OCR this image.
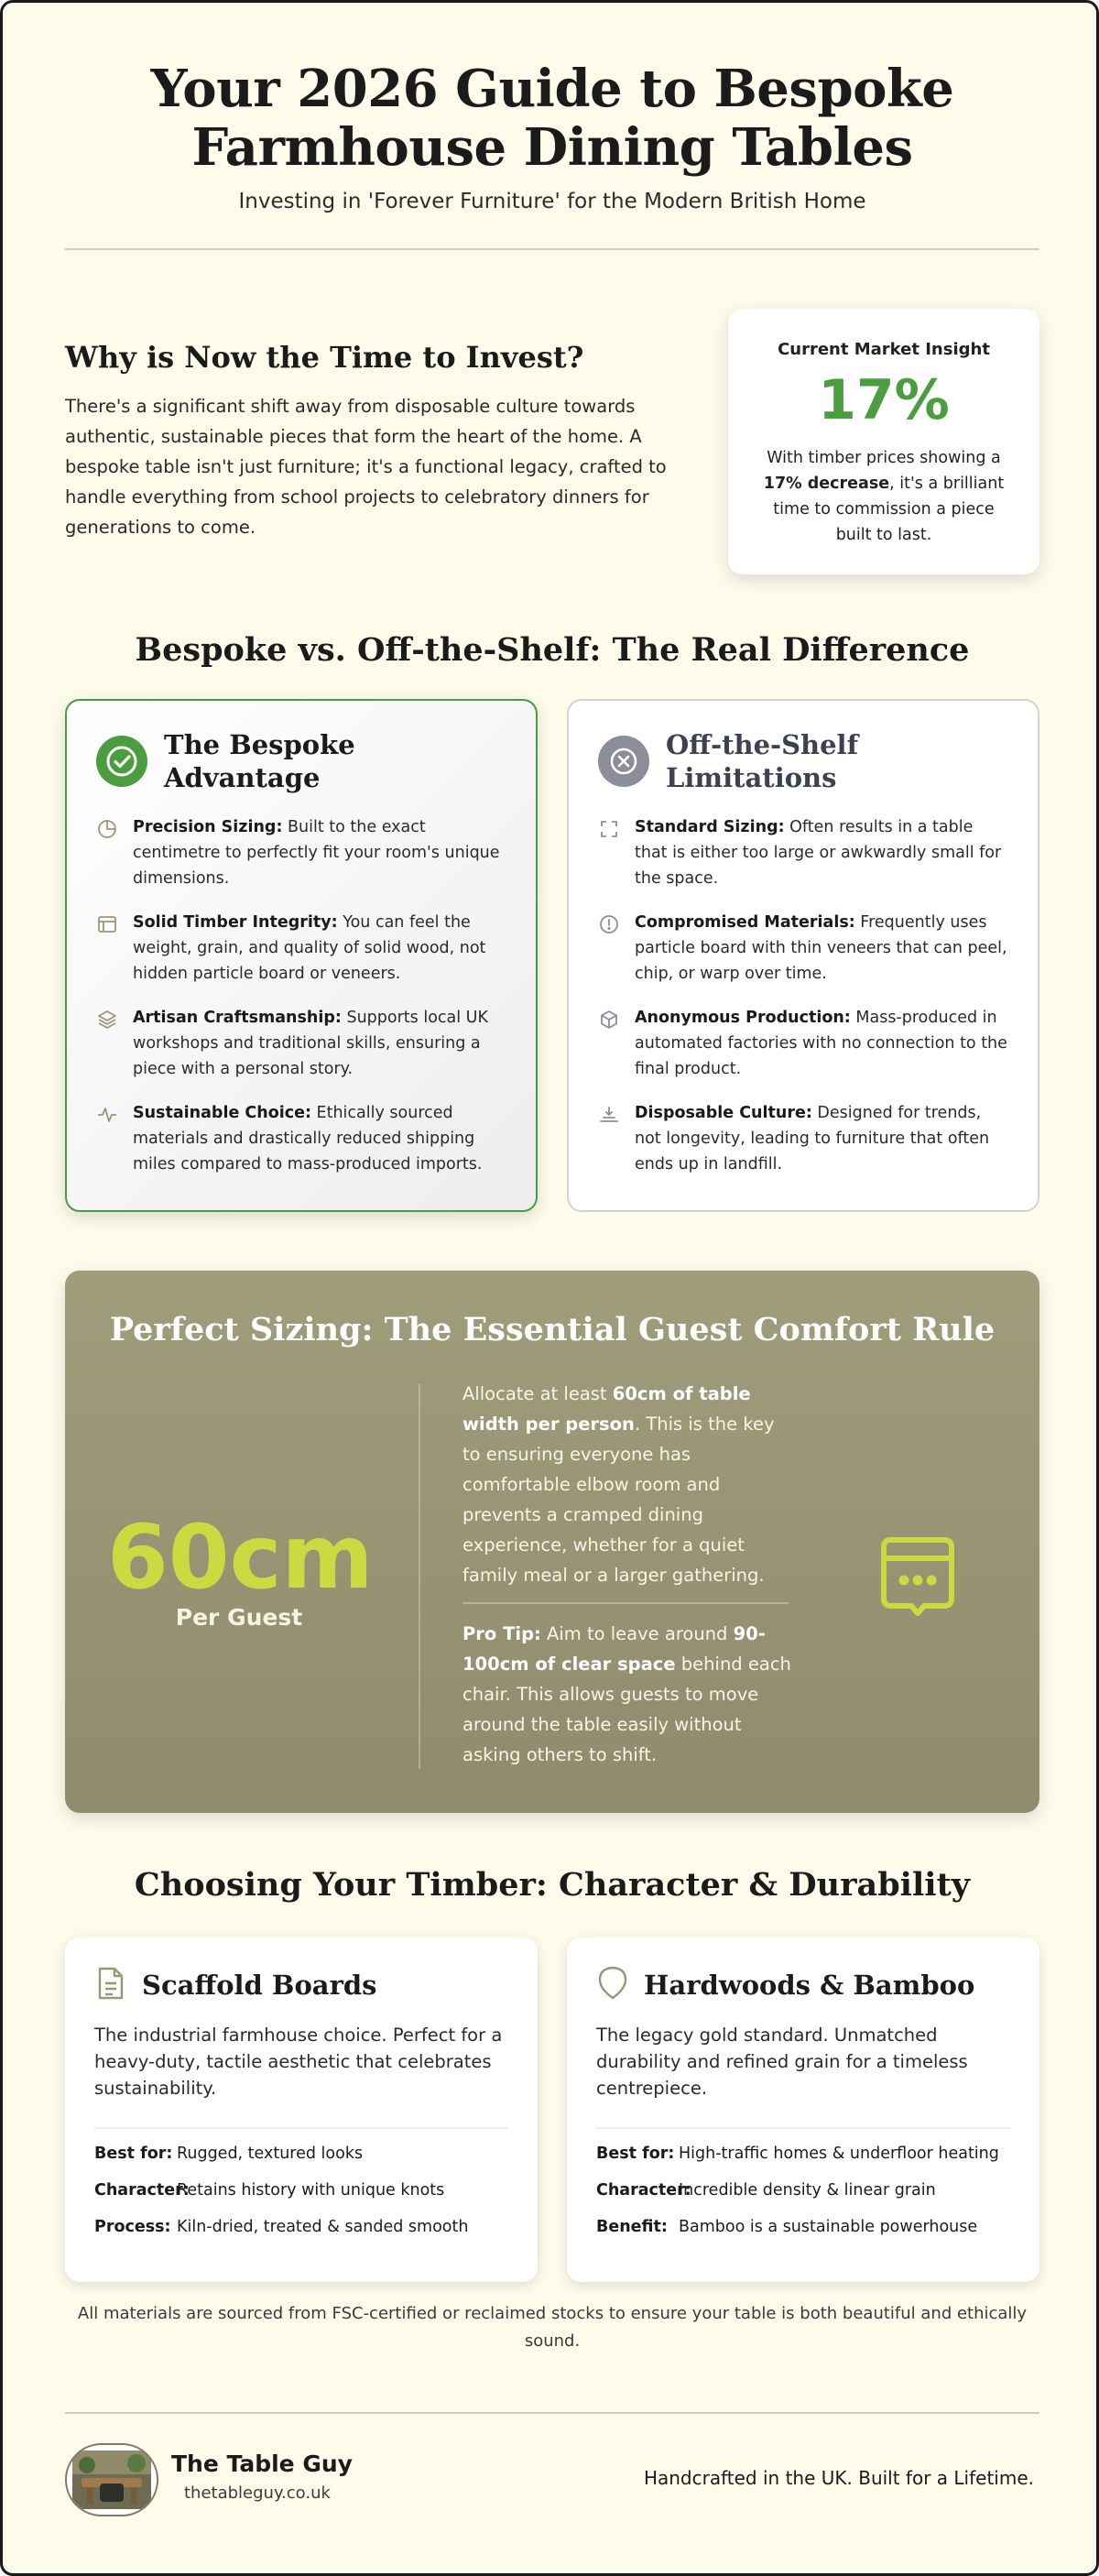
Your 2026 Guide to Bespoke Farmhouse Dining Tables
Investing in 'Forever Furniture' for the Modern British Home
Why is Now the Time to Invest?

There's a significant shift away from disposable culture towards authentic, sustainable pieces that form the heart of the home. A bespoke table isn't just furniture; it's a functional legacy, crafted to handle everything from school projects to celebratory dinners for generations to come.

Current Market Insight
17%
With timber prices showing a 17% decrease, it's a brilliant time to commission a piece built to last.
Bespoke vs. Off-the-Shelf: The Real Difference
The Bespoke Advantage
Precision Sizing: Built to the exact centimetre to perfectly fit your room's unique dimensions.
Solid Timber Integrity: You can feel the weight, grain, and quality of solid wood, not hidden particle board or veneers.
Artisan Craftsmanship: Supports local UK workshops and traditional skills, ensuring a piece with a personal story.
Sustainable Choice: Ethically sourced materials and drastically reduced shipping miles compared to mass-produced imports.
Off-the-Shelf Limitations
Standard Sizing: Often results in a table that is either too large or awkwardly small for the space.
Compromised Materials: Frequently uses particle board with thin veneers that can peel, chip, or warp over time.
Anonymous Production: Mass-produced in automated factories with no connection to the final product.
Disposable Culture: Designed for trends, not longevity, leading to furniture that often ends up in landfill.
Perfect Sizing: The Essential Guest Comfort Rule
60cm
Per Guest
Allocate at least 60cm of table width per person. This is the key to ensuring everyone has comfortable elbow room and prevents a cramped dining experience, whether for a quiet family meal or a larger gathering.
Pro Tip: Aim to leave around 90-100cm of clear space behind each chair. This allows guests to move around the table easily without asking others to shift.
Choosing Your Timber: Character & Durability
Scaffold Boards
The industrial farmhouse choice. Perfect for a heavy-duty, tactile aesthetic that celebrates sustainability.
Best for: Rugged, textured looks
Character:
Retains history with unique knots
Process: Kiln-dried, treated & sanded smooth
Hardwoods & Bamboo
The legacy gold standard. Unmatched durability and refined grain for a timeless centrepiece.
Best for: High-traffic homes & underfloor heating
Character:
Incredible density & linear grain
Benefit: Bamboo is a sustainable powerhouse

All materials are sourced from FSC-certified or reclaimed stocks to ensure your table is both beautiful and ethically sound.

The Table Guy
thetableguy.co.uk
Handcrafted in the UK. Built for a Lifetime.
